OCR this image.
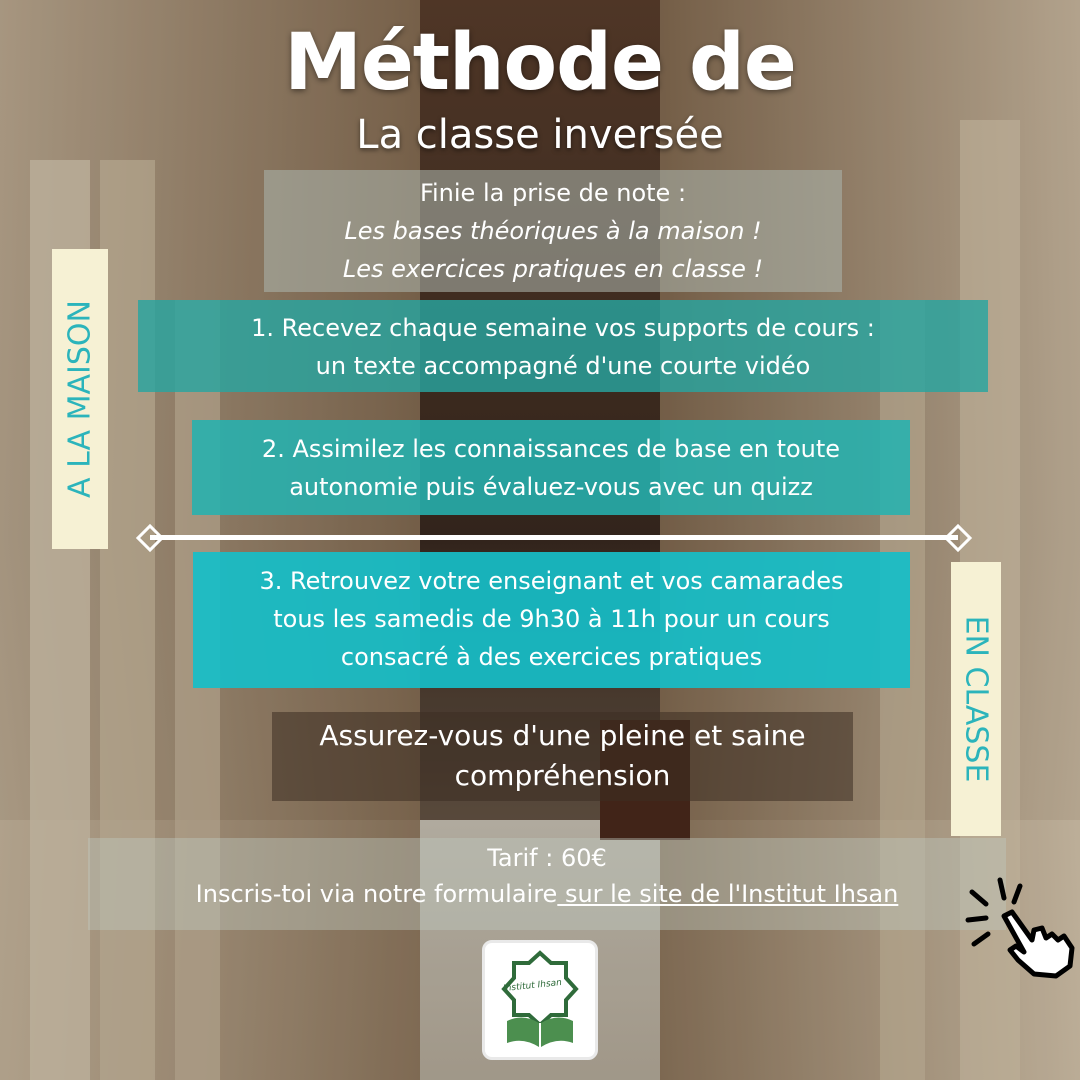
Méthode de
La classe inversée
Finie la prise de note :
Les bases théoriques à la maison !
Les exercices pratiques en classe !
A LA MAISON	1. Recevez chaque semaine vos supports de cours :
un texte accompagné d'une courte vidéo
2. Assimilez les connaissances de base en toute
autonomie puis évaluez-vous avec un quizz
3. Retrouvez votre enseignant et vos camarades
tous les samedis de 9h30 à 11h pour un cours
consacré à des exercices pratiques	EN CLASSE
Assurez-vous d'une pleine et saine
compréhension
Tarif : 60€
Inscris-toi via notre formulaire sur le site de l'Institut Ihsan
Institut Ihsan
